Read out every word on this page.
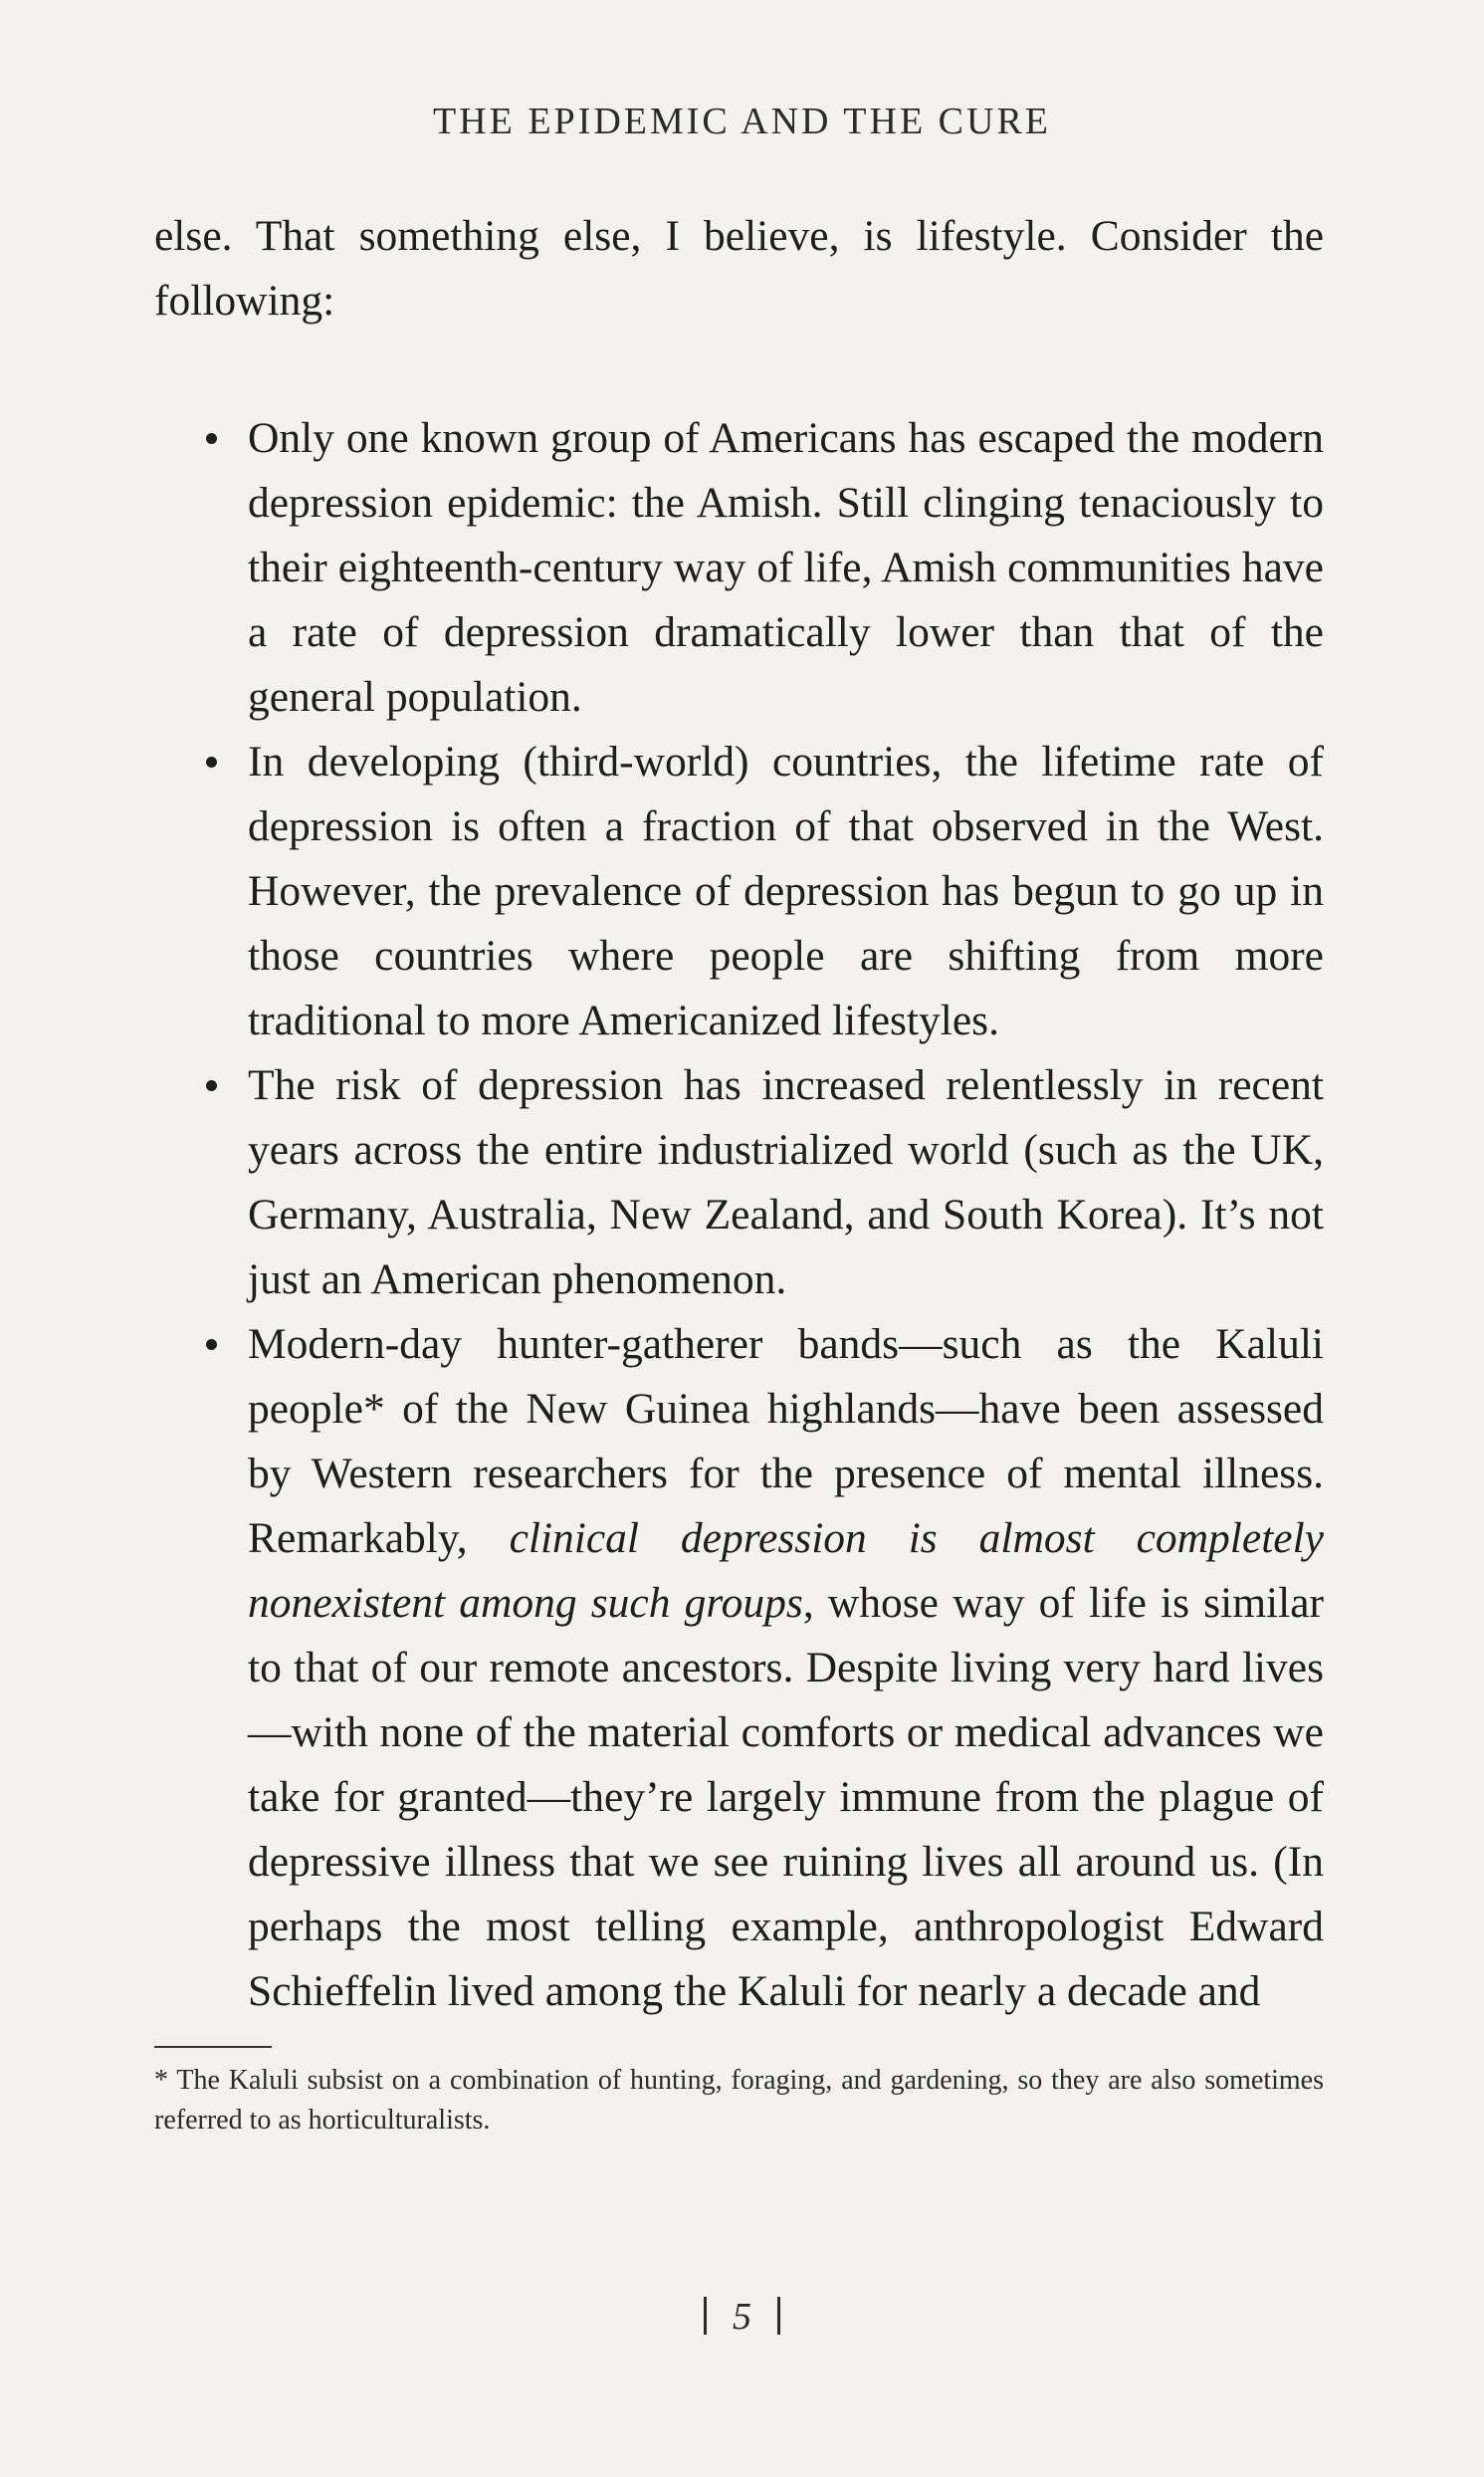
THE EPIDEMIC AND THE CURE

else. That something else, I believe, is lifestyle. Consider the following:

Only one known group of Americans has escaped the modern depression epidemic: the Amish. Still clinging tenaciously to their eighteenth-century way of life, Amish communities have a rate of depression dramatically lower than that of the general population.
In developing (third-world) countries, the lifetime rate of depression is often a fraction of that observed in the West. However, the prevalence of depression has begun to go up in those countries where people are shifting from more traditional to more Americanized lifestyles.
The risk of depression has increased relentlessly in recent years across the entire industrialized world (such as the UK, Germany, Australia, New Zealand, and South Korea). It’s not just an American phenomenon.
Modern-day hunter-gatherer bands—such as the Kaluli people* of the New Guinea highlands—have been assessed by Western researchers for the presence of mental illness. Remarkably, clinical depression is almost completely nonexistent among such groups, whose way of life is similar to that of our remote ancestors. Despite living very hard lives—with none of the material comforts or medical advances we take for granted—they’re largely immune from the plague of depressive illness that we see ruining lives all around us. (In perhaps the most telling example, anthropologist Edward Schieffelin lived among the Kaluli for nearly a decade and
* The Kaluli subsist on a combination of hunting, foraging, and gardening, so they are also sometimes referred to as horticulturalists.
5
